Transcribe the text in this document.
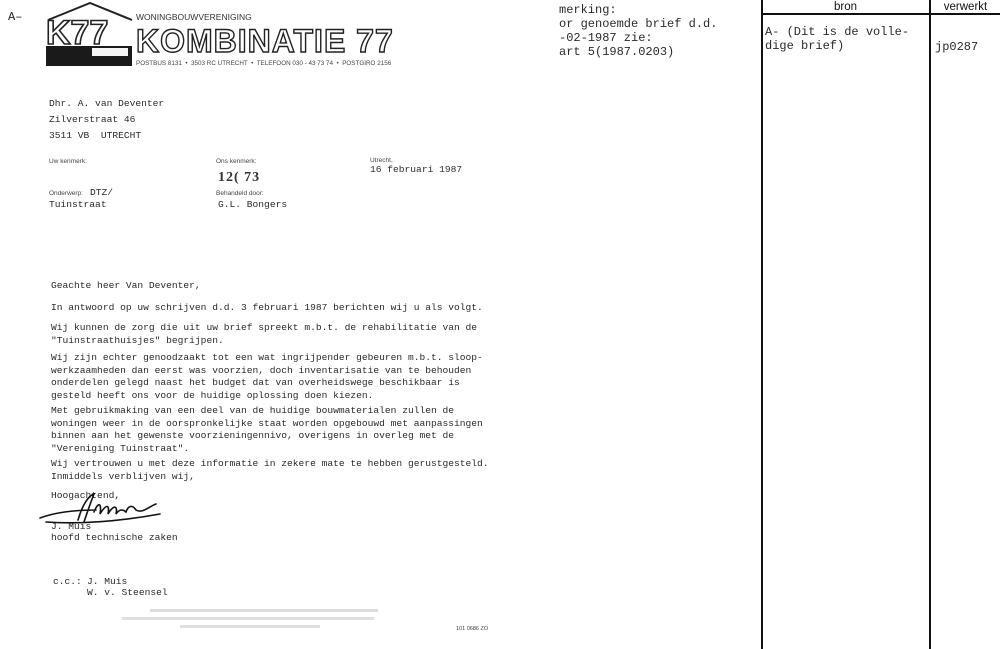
A– K77	WONINGBOUWVERENIGING
KOMBINATIE 77
POSTBUS 8131  •  3503 RC UTRECHT  •  TELEFOON 030 - 43 73 74  •  POSTGIRO 2156
Dhr. A. van Deventer
Zilverstraat 46
3511 VB  UTRECHT
Uw kenmerk:	Ons kenmerk:
12( 73
Utrecht,
16 februari 1987
Onderwerp: DTZ/
Tuinstraat
Behandeld door:
G.L. Bongers
Geachte heer Van Deventer,
In antwoord op uw schrijven d.d. 3 februari 1987 berichten wij u als volgt.
Wij kunnen de zorg die uit uw brief spreekt m.b.t. de rehabilitatie van de
"Tuinstraathuisjes" begrijpen.
Wij zijn echter genoodzaakt tot een wat ingrijpender gebeuren m.b.t. sloop-
werkzaamheden dan eerst was voorzien, doch inventarisatie van te behouden
onderdelen gelegd naast het budget dat van overheidswege beschikbaar is
gesteld heeft ons voor de huidige oplossing doen kiezen.
Met gebruikmaking van een deel van de huidige bouwmaterialen zullen de
woningen weer in de oorspronkelijke staat worden opgebouwd met aanpassingen
binnen aan het gewenste voorzieningennivo, overigens in overleg met de
"Vereniging Tuinstraat".
Wij vertrouwen u met deze informatie in zekere mate te hebben gerustgesteld.
Inmiddels verblijven wij,
Hoogachtend,
J. Muis
hoofd technische zaken
c.c.: J. Muis
W. v. Steensel
101 0686 ZO
merking:
or genoemde brief d.d.
-02-1987 zie:
art 5(1987.0203)
bron	verwerkt
A- (Dit is de volle-
dige brief)	jp0287
